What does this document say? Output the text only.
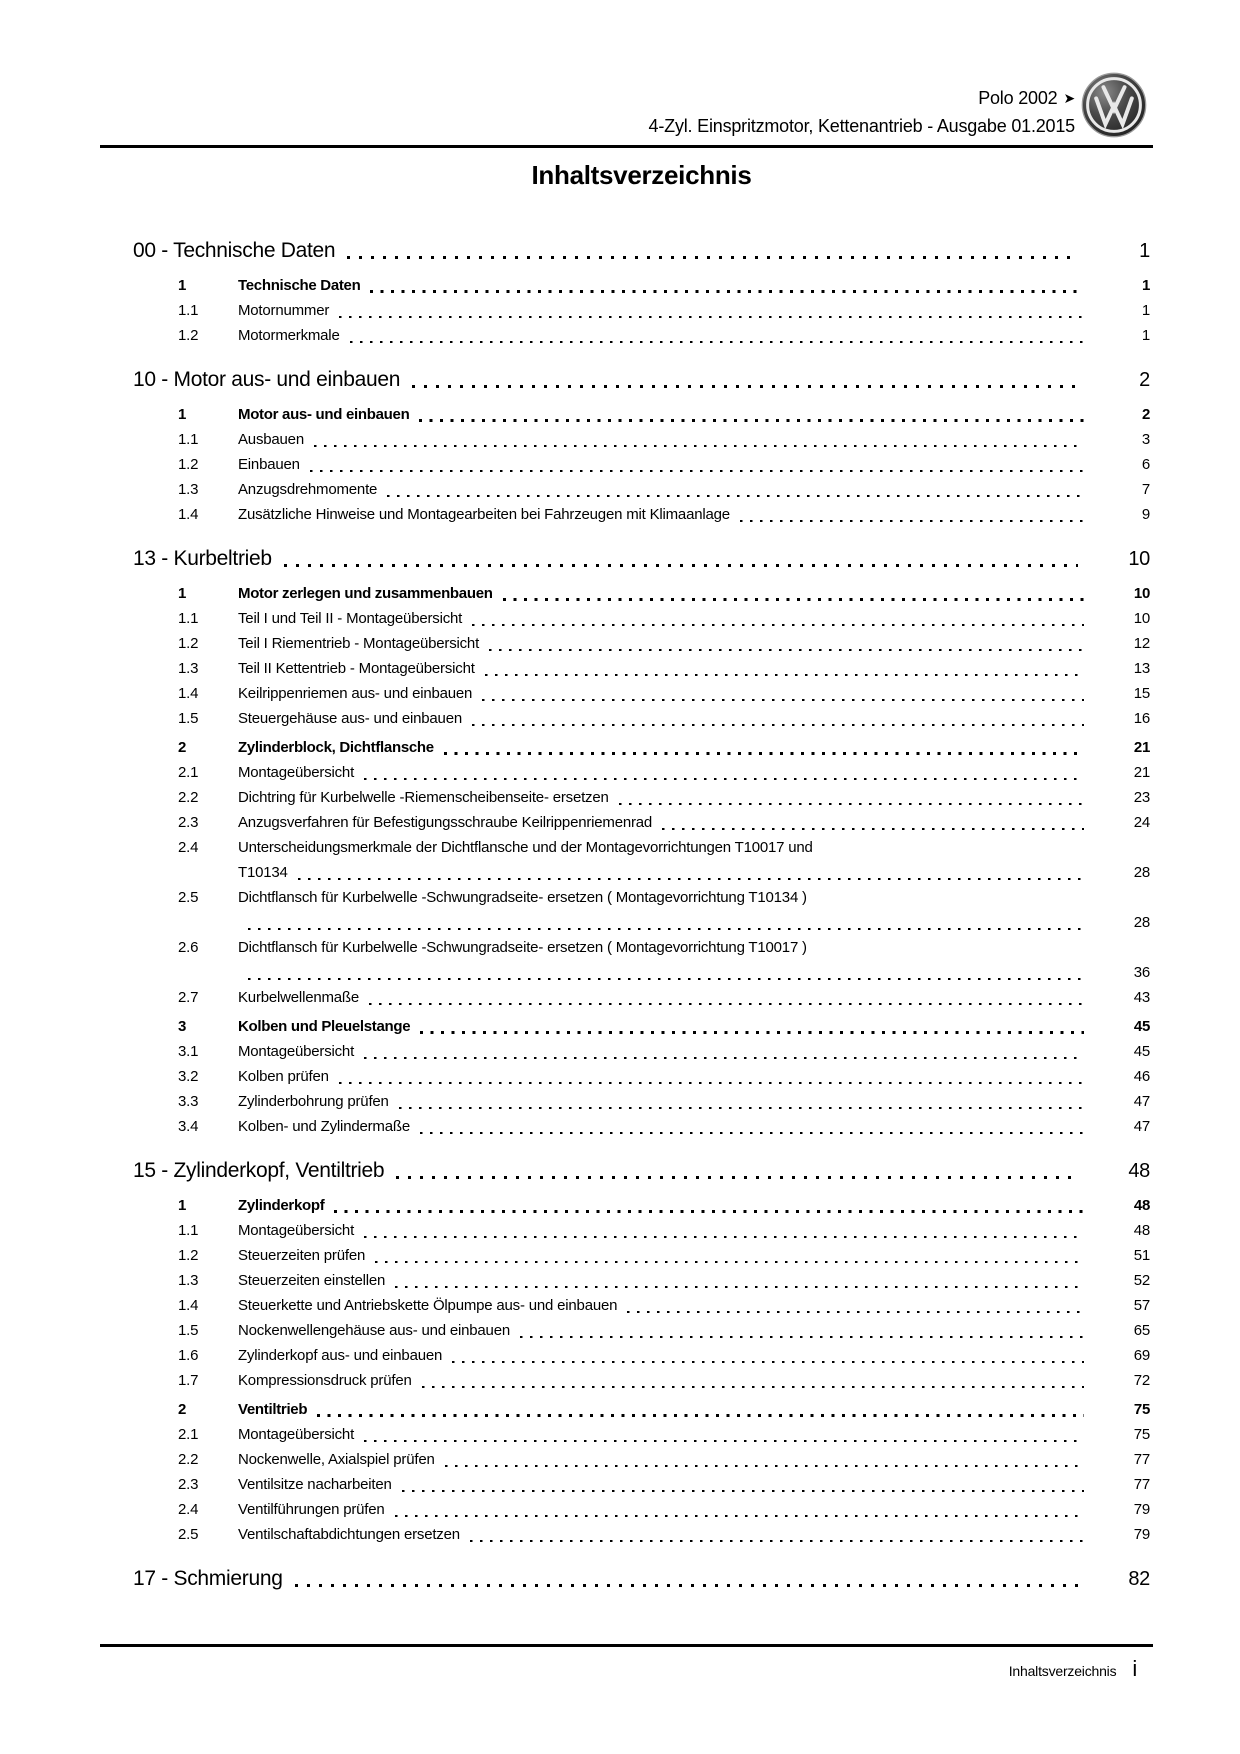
Polo 2002 ➤
4-Zyl. Einspritzmotor, Kettenantrieb - Ausgabe 01.2015
Inhaltsverzeichnis
00 - Technische Daten	1
1	Technische Daten	1
1.1	Motornummer	1
1.2	Motormerkmale	1
10 - Motor aus- und einbauen	2
1	Motor aus- und einbauen	2
1.1	Ausbauen	3
1.2	Einbauen	6
1.3	Anzugsdrehmomente	7
1.4	Zusätzliche Hinweise und Montagearbeiten bei Fahrzeugen mit Klimaanlage	9
13 - Kurbeltrieb	10
1	Motor zerlegen und zusammenbauen	10
1.1	Teil I und Teil II - Montageübersicht	10
1.2	Teil I Riementrieb - Montageübersicht	12
1.3	Teil II Kettentrieb - Montageübersicht	13
1.4	Keilrippenriemen aus- und einbauen	15
1.5	Steuergehäuse aus- und einbauen	16
2	Zylinderblock, Dichtflansche	21
2.1	Montageübersicht	21
2.2	Dichtring für Kurbelwelle -Riemenscheibenseite- ersetzen	23
2.3	Anzugsverfahren für Befestigungsschraube Keilrippenriemenrad	24
2.4	Unterscheidungsmerkmale der Dichtflansche und der Montagevorrichtungen T10017 und
T10134	28
2.5	Dichtflansch für Kurbelwelle -Schwungradseite- ersetzen ( Montagevorrichtung T10134 )
28
2.6	Dichtflansch für Kurbelwelle -Schwungradseite- ersetzen ( Montagevorrichtung T10017 )
36
2.7	Kurbelwellenmaße	43
3	Kolben und Pleuelstange	45
3.1	Montageübersicht	45
3.2	Kolben prüfen	46
3.3	Zylinderbohrung prüfen	47
3.4	Kolben- und Zylindermaße	47
15 - Zylinderkopf, Ventiltrieb	48
1	Zylinderkopf	48
1.1	Montageübersicht	48
1.2	Steuerzeiten prüfen	51
1.3	Steuerzeiten einstellen	52
1.4	Steuerkette und Antriebskette Ölpumpe aus- und einbauen	57
1.5	Nockenwellengehäuse aus- und einbauen	65
1.6	Zylinderkopf aus- und einbauen	69
1.7	Kompressionsdruck prüfen	72
2	Ventiltrieb	75
2.1	Montageübersicht	75
2.2	Nockenwelle, Axialspiel prüfen	77
2.3	Ventilsitze nacharbeiten	77
2.4	Ventilführungen prüfen	79
2.5	Ventilschaftabdichtungen ersetzen	79
17 - Schmierung	82
Inhaltsverzeichnis i
